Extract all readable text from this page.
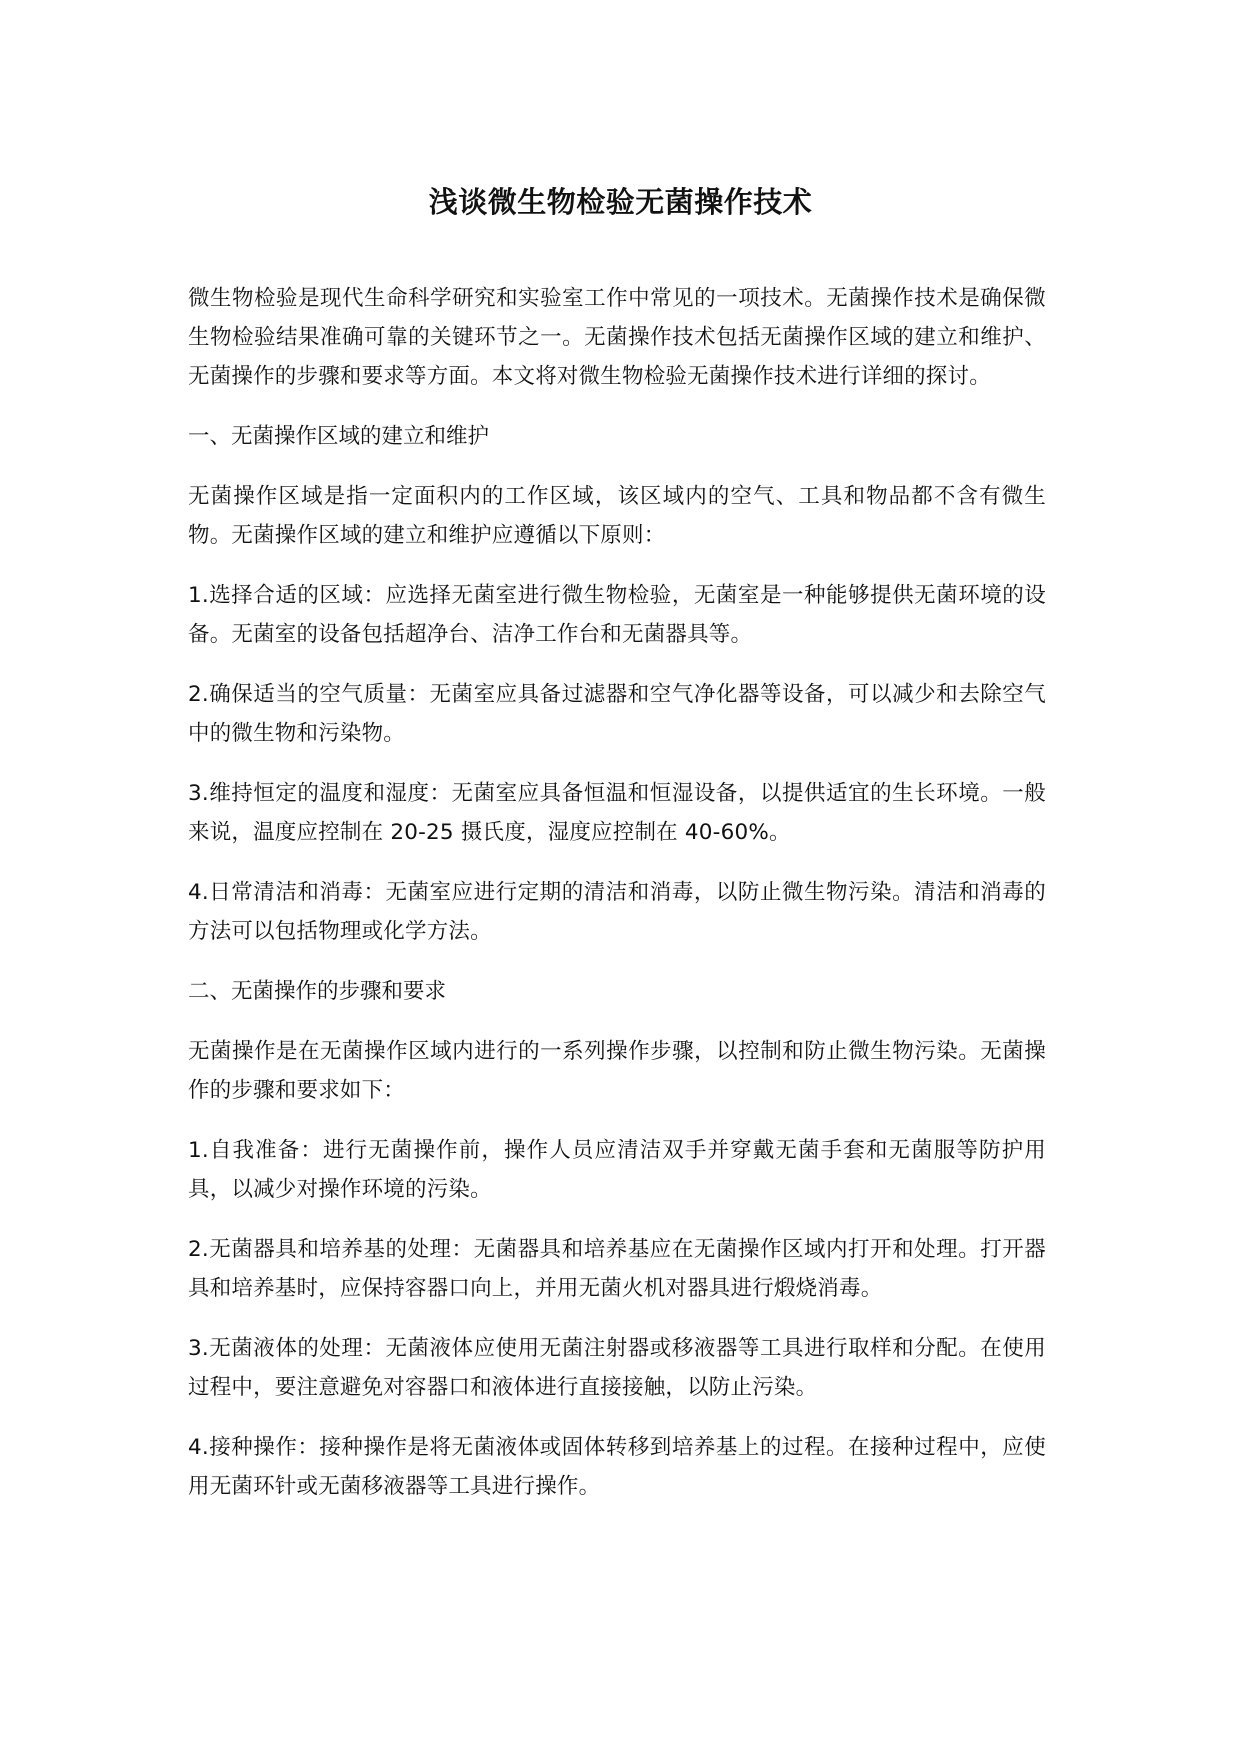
浅谈微生物检验无菌操作技术

微生物检验是现代生命科学研究和实验室工作中常见的一项技术。无菌操作技术是确保微生物检验结果准确可靠的关键环节之一。无菌操作技术包括无菌操作区域的建立和维护、无菌操作的步骤和要求等方面。本文将对微生物检验无菌操作技术进行详细的探讨。

一、无菌操作区域的建立和维护

无菌操作区域是指一定面积内的工作区域，该区域内的空气、工具和物品都不含有微生物。无菌操作区域的建立和维护应遵循以下原则：

1.选择合适的区域：应选择无菌室进行微生物检验，无菌室是一种能够提供无菌环境的设备。无菌室的设备包括超净台、洁净工作台和无菌器具等。

2.确保适当的空气质量：无菌室应具备过滤器和空气净化器等设备，可以减少和去除空气中的微生物和污染物。

3.维持恒定的温度和湿度：无菌室应具备恒温和恒湿设备，以提供适宜的生长环境。一般来说，温度应控制在 20-25 摄氏度，湿度应控制在 40-60%。

4.日常清洁和消毒：无菌室应进行定期的清洁和消毒，以防止微生物污染。清洁和消毒的方法可以包括物理或化学方法。

二、无菌操作的步骤和要求

无菌操作是在无菌操作区域内进行的一系列操作步骤，以控制和防止微生物污染。无菌操作的步骤和要求如下：

1.自我准备：进行无菌操作前，操作人员应清洁双手并穿戴无菌手套和无菌服等防护用具，以减少对操作环境的污染。

2.无菌器具和培养基的处理：无菌器具和培养基应在无菌操作区域内打开和处理。打开器具和培养基时，应保持容器口向上，并用无菌火机对器具进行煅烧消毒。

3.无菌液体的处理：无菌液体应使用无菌注射器或移液器等工具进行取样和分配。在使用过程中，要注意避免对容器口和液体进行直接接触，以防止污染。

4.接种操作：接种操作是将无菌液体或固体转移到培养基上的过程。在接种过程中，应使用无菌环针或无菌移液器等工具进行操作。
